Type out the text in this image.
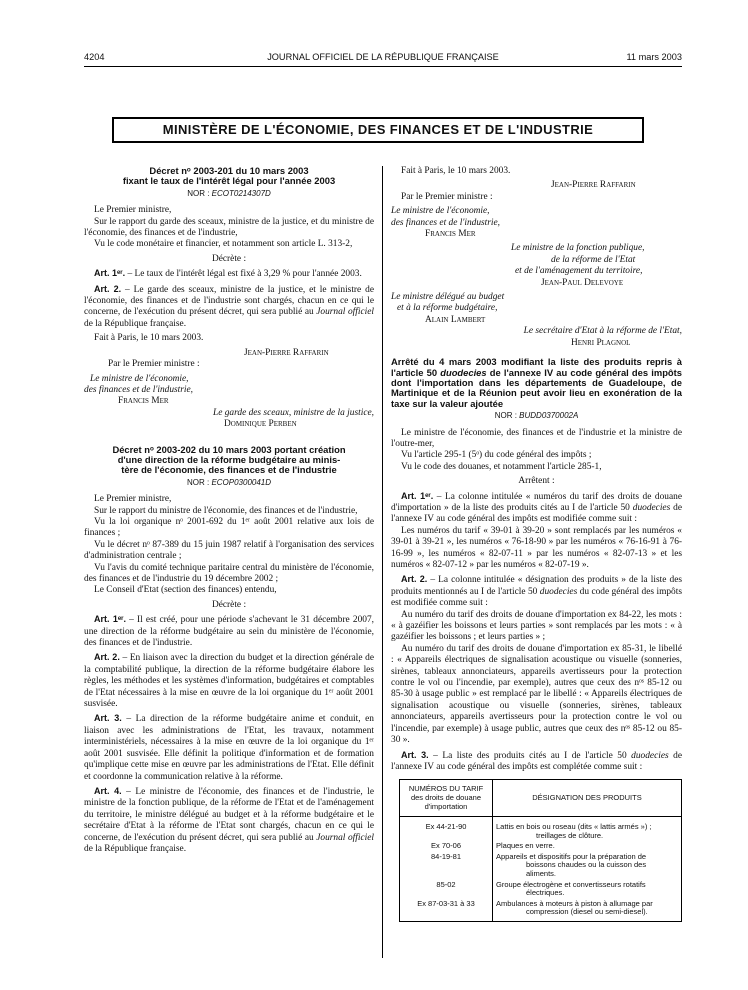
4204	JOURNAL OFFICIEL DE LA RÉPUBLIQUE FRANÇAISE	11 mars 2003
MINISTÈRE DE L'ÉCONOMIE, DES FINANCES ET DE L'INDUSTRIE
Décret nᵒ 2003-201 du 10 mars 2003
fixant le taux de l'intérêt légal pour l'année 2003
NOR : ECOT0214307D

Le Premier ministre,

Sur le rapport du garde des sceaux, ministre de la justice, et du ministre de l'économie, des finances et de l'industrie,

Vu le code monétaire et financier, et notamment son article L. 313-2,

Décrète :

Art. 1ᵉʳ. – Le taux de l'intérêt légal est fixé à 3,29 % pour l'année 2003.

Art. 2. – Le garde des sceaux, ministre de la justice, et le ministre de l'économie, des finances et de l'industrie sont chargés, chacun en ce qui le concerne, de l'exécution du présent décret, qui sera publié au Journal officiel de la République française.

Fait à Paris, le 10 mars 2003.

Jean-Pierre Raffarin

Par le Premier ministre :

Le ministre de l'économie,

des finances et de l'industrie,

Francis Mer

Le garde des sceaux, ministre de la justice,

Dominique Perben

Décret nᵒ 2003-202 du 10 mars 2003 portant création
d'une direction de la réforme budgétaire au minis-
tère de l'économie, des finances et de l'industrie
NOR : ECOP0300041D

Le Premier ministre,

Sur le rapport du ministre de l'économie, des finances et de l'industrie,

Vu la loi organique nᵒ 2001-692 du 1ᵉʳ août 2001 relative aux lois de finances ;

Vu le décret nᵒ 87-389 du 15 juin 1987 relatif à l'organisation des services d'administration centrale ;

Vu l'avis du comité technique paritaire central du ministère de l'économie, des finances et de l'industrie du 19 décembre 2002 ;

Le Conseil d'Etat (section des finances) entendu,

Décrète :

Art. 1ᵉʳ. – Il est créé, pour une période s'achevant le 31 décembre 2007, une direction de la réforme budgétaire au sein du ministère de l'économie, des finances et de l'industrie.

Art. 2. – En liaison avec la direction du budget et la direction générale de la comptabilité publique, la direction de la réforme budgétaire élabore les règles, les méthodes et les systèmes d'information, budgétaires et comptables de l'Etat nécessaires à la mise en œuvre de la loi organique du 1ᵉʳ août 2001 susvisée.

Art. 3. – La direction de la réforme budgétaire anime et conduit, en liaison avec les administrations de l'Etat, les travaux, notamment interministériels, nécessaires à la mise en œuvre de la loi organique du 1ᵉʳ août 2001 susvisée. Elle définit la politique d'information et de formation qu'implique cette mise en œuvre par les administrations de l'Etat. Elle définit et coordonne la communication relative à la réforme.

Art. 4. – Le ministre de l'économie, des finances et de l'industrie, le ministre de la fonction publique, de la réforme de l'Etat et de l'aménagement du territoire, le ministre délégué au budget et à la réforme budgétaire et le secrétaire d'Etat à la réforme de l'Etat sont chargés, chacun en ce qui le concerne, de l'exécution du présent décret, qui sera publié au Journal officiel de la République française.

Fait à Paris, le 10 mars 2003.

Jean-Pierre Raffarin

Par le Premier ministre :

Le ministre de l'économie,

des finances et de l'industrie,

Francis Mer

Le ministre de la fonction publique,

de la réforme de l'Etat

et de l'aménagement du territoire,

Jean-Paul Delevoye

Le ministre délégué au budget

et à la réforme budgétaire,

Alain Lambert

Le secrétaire d'Etat à la réforme de l'Etat,

Henri Plagnol

Arrêté du 4 mars 2003 modifiant la liste des produits repris à l'article 50 duodecies de l'annexe IV au code général des impôts dont l'importation dans les départements de Guadeloupe, de Martinique et de la Réunion peut avoir lieu en exonération de la taxe sur la valeur ajoutée
NOR : BUDD0370002A

Le ministre de l'économie, des finances et de l'industrie et la ministre de l'outre-mer,

Vu l'article 295-1 (5ᵒ) du code général des impôts ;

Vu le code des douanes, et notamment l'article 285-1,

Arrêtent :

Art. 1ᵉʳ. – La colonne intitulée « numéros du tarif des droits de douane d'importation » de la liste des produits cités au I de l'article 50 duodecies de l'annexe IV au code général des impôts est modifiée comme suit :

Les numéros du tarif « 39-01 à 39-20 » sont remplacés par les numéros « 39-01 à 39-21 », les numéros « 76-18-90 » par les numéros « 76-16-91 à 76-16-99 », les numéros « 82-07-11 » par les numéros « 82-07-13 » et les numéros « 82-07-12 » par les numéros « 82-07-19 ».

Art. 2. – La colonne intitulée « désignation des produits » de la liste des produits mentionnés au I de l'article 50 duodecies du code général des impôts est modifiée comme suit :

Au numéro du tarif des droits de douane d'importation ex 84-22, les mots : « à gazéifier les boissons et leurs parties » sont remplacés par les mots : « à gazéifier les boissons ; et leurs parties » ;

Au numéro du tarif des droits de douane d'importation ex 85-31, le libellé : « Appareils électriques de signalisation acoustique ou visuelle (sonneries, sirènes, tableaux annonciateurs, appareils avertisseurs pour la protection contre le vol ou l'incendie, par exemple), autres que ceux des nᵒˢ 85-12 ou 85-30 à usage public » est remplacé par le libellé : « Appareils électriques de signalisation acoustique ou visuelle (sonneries, sirènes, tableaux annonciateurs, appareils avertisseurs pour la protection contre le vol ou l'incendie, par exemple) à usage public, autres que ceux des nᵒˢ 85-12 ou 85-30 ».

Art. 3. – La liste des produits cités au I de l'article 50 duodecies de l'annexe IV au code général des impôts est complétée comme suit :

NUMÉROS DU TARIF
des droits de douane
d'importation	DÉSIGNATION DES PRODUITS
Ex 44-21-90	Lattis en bois ou roseau (dits « lattis armés ») ;
treillages de clôture.

Ex 70-06	Plaques en verre.

84-19-81	Appareils et dispositifs pour la préparation de
boissons chaudes ou la cuisson des aliments.

85-02	Groupe électrogène et convertisseurs rotatifs
électriques.

Ex 87-03-31 à 33	Ambulances à moteurs à piston à allumage par
compression (diesel ou semi-diesel).
